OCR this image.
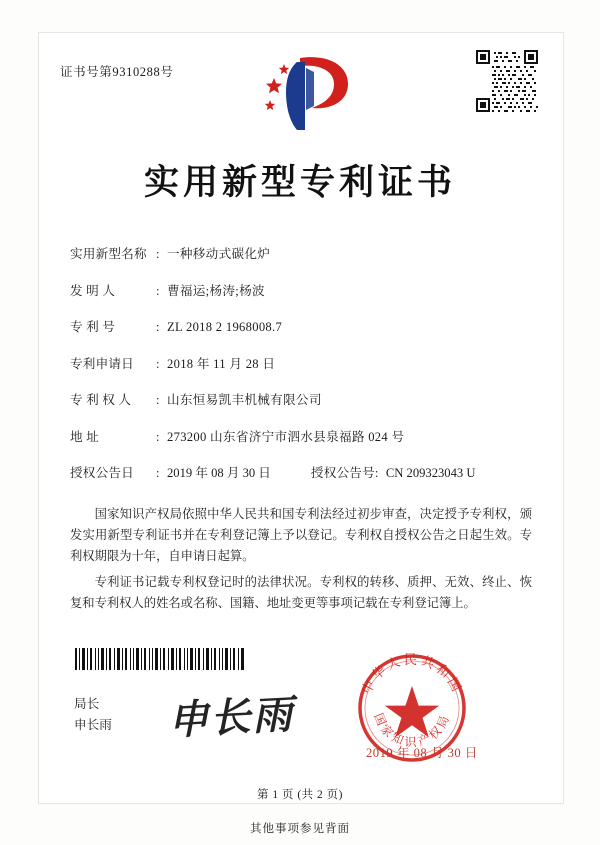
证书号第9310288号
实用新型专利证书
实用新型名称 : 一种移动式碳化炉
发 明 人	: 曹福运;杨涛;杨波
专 利 号	: ZL 2018 2 1968008.7
专利申请日	: 2018 年 11 月 28 日
专 利 权 人	: 山东恒易凯丰机械有限公司
地 址	: 273200 山东省济宁市泗水县泉福路 024 号
授权公告日	: 2019 年 08 月 30 日	授权公告号 : CN 209323043 U

国家知识产权局依照中华人民共和国专利法经过初步审查，决定授予专利权，颁发实用新型专利证书并在专利登记簿上予以登记。专利权自授权公告之日起生效。专利权期限为十年，自申请日起算。

专利证书记载专利权登记时的法律状况。专利权的转移、质押、无效、终止、恢复和专利权人的姓名或名称、国籍、地址变更等事项记载在专利登记簿上。

局长
申长雨 申长雨
中华人民共和国
国家知识产权局
2019 年 08 月 30 日
第 1 页 (共 2 页)
其他事项参见背面
